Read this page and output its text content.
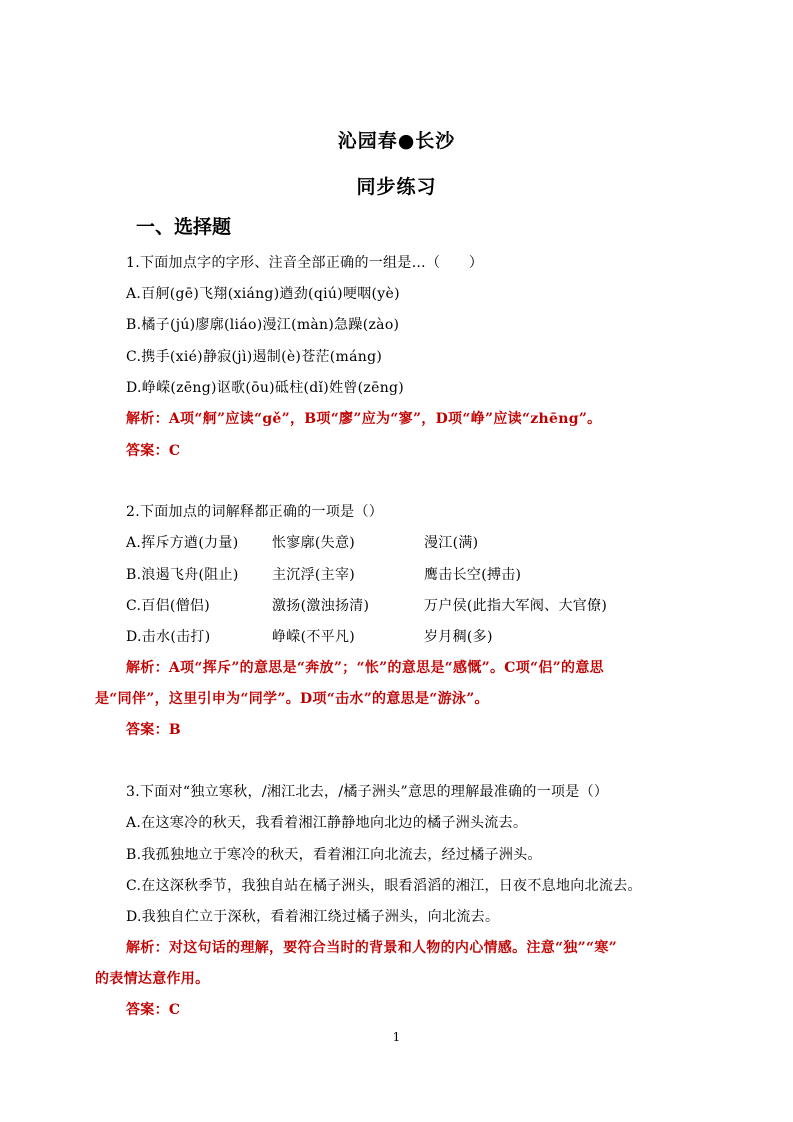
沁园春●长沙
同步练习
一、选择题
1.下面加点字的字形、注音全部正确的一组是…（　　）
A.百舸(gē)飞翔(xiáng)遒劲(qiú)哽咽(yè)
B.橘子(jú)廖廓(liáo)漫江(màn)急躁(zào)
C.携手(xié)静寂(jì)遏制(è)苍茫(máng)
D.峥嵘(zēng)讴歌(ōu)砥柱(dǐ)姓曾(zēng)
解析：A项“舸”应读“gě”，B项“廖”应为“寥”，D项“峥”应读“zhēng”。
答案：C
2.下面加点的词解释都正确的一项是（）
A.挥斥方遒(力量) 怅寥廓(失意)	漫江(满)
B.浪遏飞舟(阻止) 主沉浮(主宰)	鹰击长空(搏击)
C.百侣(僧侣)	激扬(激浊扬清)	万户侯(此指大军阀、大官僚)
D.击水(击打)	峥嵘(不平凡)	岁月稠(多)
解析：A项“挥斥”的意思是“奔放”；“怅”的意思是“感慨”。C项“侣”的意思
是“同伴”，这里引申为“同学”。D项“击水”的意思是“游泳”。
答案：B
3.下面对“独立寒秋，/湘江北去，/橘子洲头”意思的理解最准确的一项是（）
A.在这寒冷的秋天，我看着湘江静静地向北边的橘子洲头流去。
B.我孤独地立于寒冷的秋天，看着湘江向北流去，经过橘子洲头。
C.在这深秋季节，我独自站在橘子洲头，眼看滔滔的湘江，日夜不息地向北流去。
D.我独自伫立于深秋，看着湘江绕过橘子洲头，向北流去。
解析：对这句话的理解，要符合当时的背景和人物的内心情感。注意“独”“寒”
的表情达意作用。
答案：C
1
